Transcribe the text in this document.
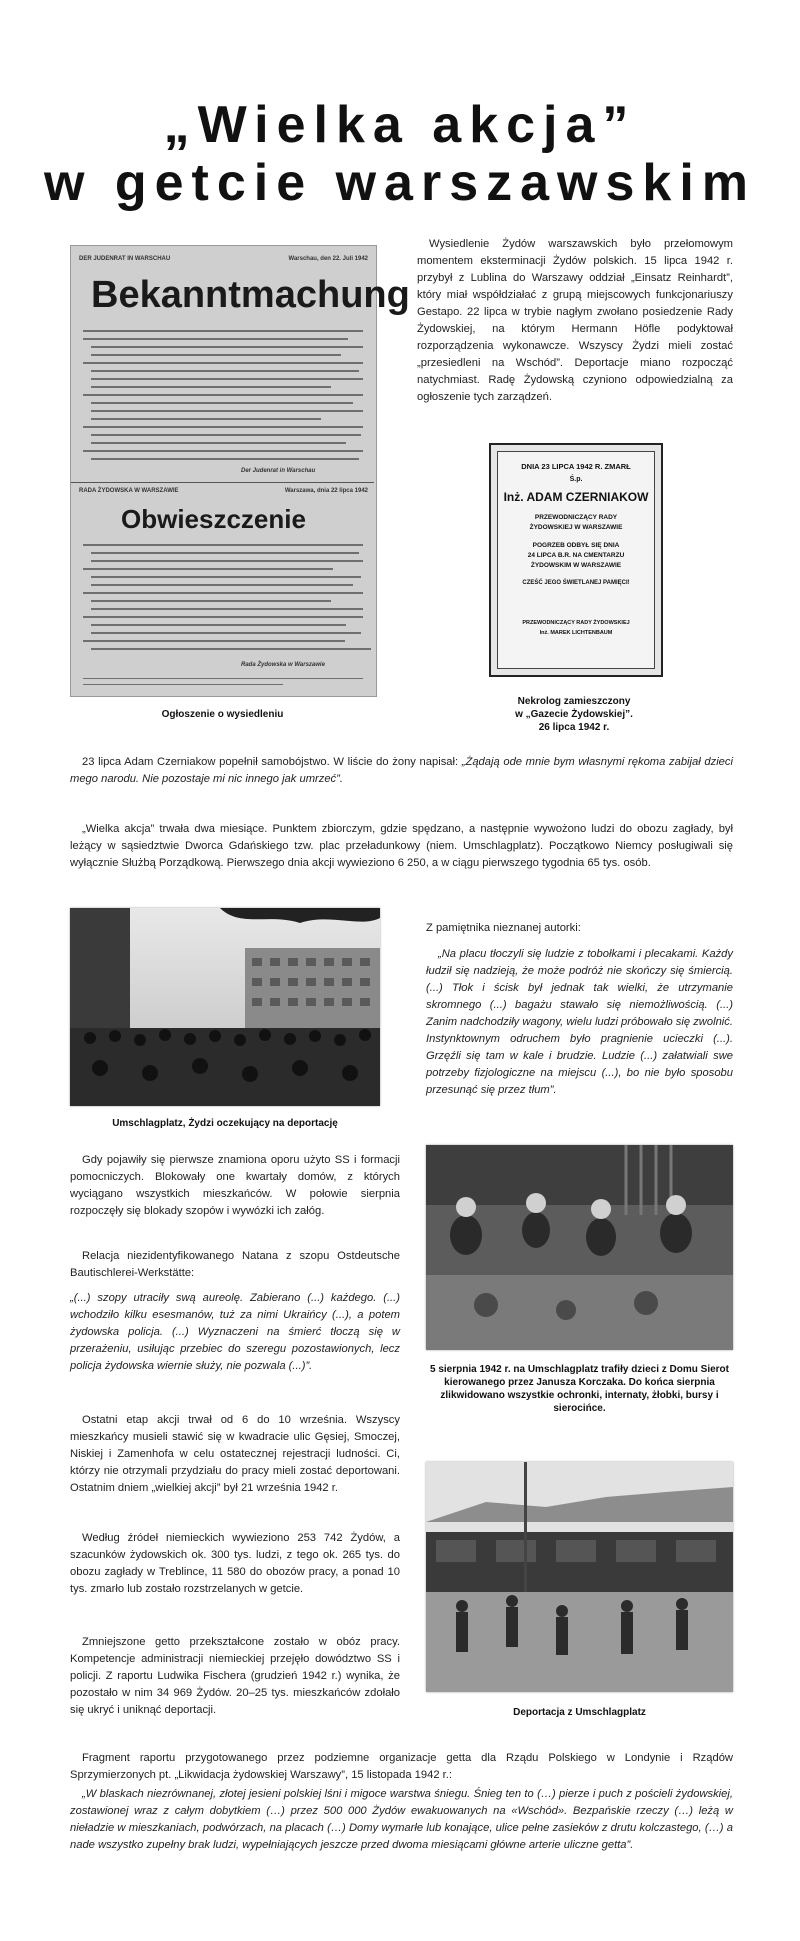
„Wielka akcja”
w getcie warszawskim
DER JUDENRAT IN WARSCHAU	Warschau, den 22. Juli 1942
Bekanntmachung
Der Judenrat in Warschau
RADA ŻYDOWSKA W WARSZAWIE	Warszawa, dnia 22 lipca 1942
Obwieszczenie
Rada Żydowska w Warszawie
Ogłoszenie o wysiedleniu

Wysiedlenie Żydów warszawskich było przełomowym momentem eksterminacji Żydów polskich. 15 lipca 1942 r. przybył z Lublina do Warszawy oddział „Einsatz Reinhardt”, który miał współdziałać z grupą miejscowych funkcjonariuszy Gestapo. 22 lipca w trybie nagłym zwołano posiedzenie Rady Żydowskiej, na którym Hermann Höfle podyktował rozporządzenia wykonawcze. Wszyscy Żydzi mieli zostać „przesiedleni na Wschód”. Deportacje miano rozpocząć natychmiast. Radę Żydowską czyniono odpowiedzialną za ogłoszenie tych zarządzeń.

DNIA 23 LIPCA 1942 R. ZMARŁ
Ś.p.
Inż. ADAM CZERNIAKOW
PRZEWODNICZĄCY RADY
ŻYDOWSKIEJ W WARSZAWIE
POGRZEB ODBYŁ SIĘ DNIA
24 LIPCA B.R. NA CMENTARZU
ŻYDOWSKIM W WARSZAWIE
CZEŚĆ JEGO ŚWIETLANEJ PAMIĘCI!
PRZEWODNICZĄCY RADY ŻYDOWSKIEJ
Inż. MAREK LICHTENBAUM
Nekrolog zamieszczony
w „Gazecie Żydowskiej”.
26 lipca 1942 r.

23 lipca Adam Czerniakow popełnił samobójstwo. W liście do żony napisał: „Żądają ode mnie bym własnymi rękoma zabijał dzieci mego narodu. Nie pozostaje mi nic innego jak umrzeć”.

„Wielka akcja” trwała dwa miesiące. Punktem zbiorczym, gdzie spędzano, a następnie wywożono ludzi do obozu zagłady, był leżący w sąsiedztwie Dworca Gdańskiego tzw. plac przeładunkowy (niem. Umschlagplatz). Początkowo Niemcy posługiwali się wyłącznie Służbą Porządkową. Pierwszego dnia akcji wywieziono 6 250, a w ciągu pierwszego tygodnia 65 tys. osób.

Umschlagplatz, Żydzi oczekujący na deportację

Z pamiętnika nieznanej autorki:

„Na placu tłoczyli się ludzie z tobołkami i plecakami. Każdy łudził się nadzieją, że może podróż nie skończy się śmiercią. (...) Tłok i ścisk był jednak tak wielki, że utrzymanie skromnego (...) bagażu stawało się niemożliwością. (...) Zanim nadchodziły wagony, wielu ludzi próbowało się zwolnić. Instynktownym odruchem było pragnienie ucieczki (...). Grzęźli się tam w kale i brudzie. Ludzie (...) załatwiali swe potrzeby fizjologiczne na miejscu (...), bo nie było sposobu przesunąć się przez tłum”.

Gdy pojawiły się pierwsze znamiona oporu użyto SS i formacji pomocniczych. Blokowały one kwartały domów, z których wyciągano wszystkich mieszkańców. W połowie sierpnia rozpoczęły się blokady szopów i wywózki ich załóg.

Relacja niezidentyfikowanego Natana z szopu Ostdeutsche Bautischlerei-Werkstätte:

„(...) szopy utraciły swą aureolę. Zabierano (...) każdego. (...) wchodziło kilku esesmanów, tuż za nimi Ukraińcy (...), a potem żydowska policja. (...) Wyznaczeni na śmierć tłoczą się w przerażeniu, usiłując przebiec do szeregu pozostawionych, lecz policja żydowska wiernie służy, nie pozwala (...)”.	5 sierpnia 1942 r. na Umschlagplatz trafiły dzieci z Domu Sierot kierowanego przez Janusza Korczaka. Do końca sierpnia zlikwidowano wszystkie ochronki, internaty, żłobki, bursy i sierocińce.

Ostatni etap akcji trwał od 6 do 10 września. Wszyscy mieszkańcy musieli stawić się w kwadracie ulic Gęsiej, Smoczej, Niskiej i Zamenhofa w celu ostatecznej rejestracji ludności. Ci, którzy nie otrzymali przydziału do pracy mieli zostać deportowani. Ostatnim dniem „wielkiej akcji” był 21 września 1942 r.

Według źródeł niemieckich wywieziono 253 742 Żydów, a szacunków żydowskich ok. 300 tys. ludzi, z tego ok. 265 tys. do obozu zagłady w Treblince, 11 580 do obozów pracy, a ponad 10 tys. zmarło lub zostało rozstrzelanych w getcie.

Zmniejszone getto przekształcone zostało w obóz pracy. Kompetencje administracji niemieckiej przejęło dowództwo SS i policji. Z raportu Ludwika Fischera (grudzień 1942 r.) wynika, że pozostało w nim 34 969 Żydów. 20–25 tys. mieszkańców zdołało się ukryć i uniknąć deportacji.	Deportacja z Umschlagplatz

Fragment raportu przygotowanego przez podziemne organizacje getta dla Rządu Polskiego w Londynie i Rządów Sprzymierzonych pt. „Likwidacja żydowskiej Warszawy”, 15 listopada 1942 r.:

„W blaskach niezrównanej, złotej jesieni polskiej lśni i migoce warstwa śniegu. Śnieg ten to (…) pierze i puch z pościeli żydowskiej, zostawionej wraz z całym dobytkiem (…) przez 500 000 Żydów ewakuowanych na «Wschód». Bezpańskie rzeczy (…) leżą w nieładzie w mieszkaniach, podwórzach, na placach (…) Domy wymarłe lub konające, ulice pełne zasieków z drutu kolczastego, (…) a nade wszystko zupełny brak ludzi, wypełniających jeszcze przed dwoma miesiącami główne arterie uliczne getta”.
